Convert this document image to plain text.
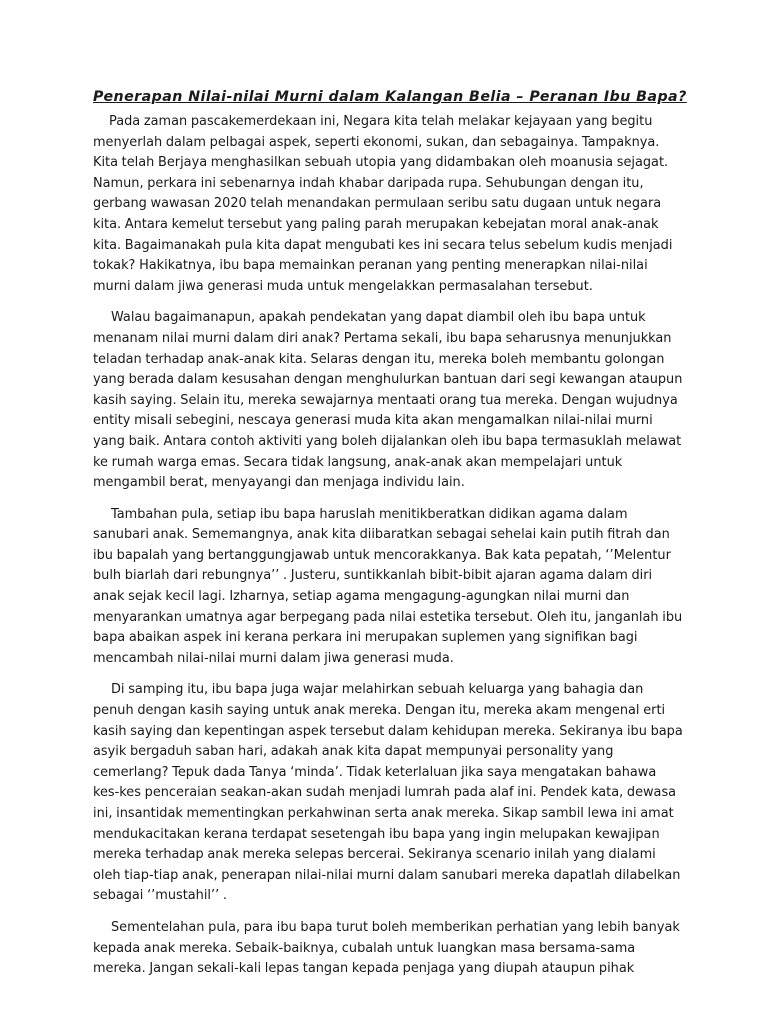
Penerapan Nilai-nilai Murni dalam Kalangan Belia – Peranan Ibu Bapa?

Pada zaman pascakemerdekaan ini, Negara kita telah melakar kejayaan yang begitu menyerlah dalam pelbagai aspek, seperti ekonomi, sukan, dan sebagainya. Tampaknya. Kita telah Berjaya menghasilkan sebuah utopia yang didambakan oleh moanusia sejagat. Namun, perkara ini sebenarnya indah khabar daripada rupa. Sehubungan dengan itu, gerbang wawasan 2020 telah menandakan permulaan seribu satu dugaan untuk negara kita. Antara kemelut tersebut yang paling parah merupakan kebejatan moral anak-anak kita. Bagaimanakah pula kita dapat mengubati kes ini secara telus sebelum kudis menjadi tokak? Hakikatnya, ibu bapa memainkan peranan yang penting menerapkan nilai-nilai murni dalam jiwa generasi muda untuk mengelakkan permasalahan tersebut.

Walau bagaimanapun, apakah pendekatan yang dapat diambil oleh ibu bapa untuk menanam nilai murni dalam diri anak? Pertama sekali, ibu bapa seharusnya menunjukkan teladan terhadap anak-anak kita. Selaras dengan itu, mereka boleh membantu golongan yang berada dalam kesusahan dengan menghulurkan bantuan dari segi kewangan ataupun kasih saying. Selain itu, mereka sewajarnya mentaati orang tua mereka. Dengan wujudnya entity misali sebegini, nescaya generasi muda kita akan mengamalkan nilai-nilai murni yang baik. Antara contoh aktiviti yang boleh dijalankan oleh ibu bapa termasuklah melawat ke rumah warga emas. Secara tidak langsung, anak-anak akan mempelajari untuk mengambil berat, menyayangi dan menjaga individu lain.

Tambahan pula, setiap ibu bapa haruslah menitikberatkan didikan agama dalam sanubari anak. Sememangnya, anak kita diibaratkan sebagai sehelai kain putih fitrah dan ibu bapalah yang bertanggungjawab untuk mencorakkanya. Bak kata pepatah, ‘’Melentur bulh biarlah dari rebungnya’’ . Justeru, suntikkanlah bibit-bibit ajaran agama dalam diri anak sejak kecil lagi. Izharnya, setiap agama mengagung-agungkan nilai murni dan menyarankan umatnya agar berpegang pada nilai estetika tersebut. Oleh itu, janganlah ibu bapa abaikan aspek ini kerana perkara ini merupakan suplemen yang signifikan bagi mencambah nilai-nilai murni dalam jiwa generasi muda.

Di samping itu, ibu bapa juga wajar melahirkan sebuah keluarga yang bahagia dan penuh dengan kasih saying untuk anak mereka. Dengan itu, mereka akam mengenal erti kasih saying dan kepentingan aspek tersebut dalam kehidupan mereka. Sekiranya ibu bapa asyik bergaduh saban hari, adakah anak kita dapat mempunyai personality yang cemerlang? Tepuk dada Tanya ‘minda’. Tidak keterlaluan jika saya mengatakan bahawa kes-kes penceraian seakan-akan sudah menjadi lumrah pada alaf ini. Pendek kata, dewasa ini, insantidak mementingkan perkahwinan serta anak mereka. Sikap sambil lewa ini amat mendukacitakan kerana terdapat sesetengah ibu bapa yang ingin melupakan kewajipan mereka terhadap anak mereka selepas bercerai. Sekiranya scenario inilah yang dialami oleh tiap-tiap anak, penerapan nilai-nilai murni dalam sanubari mereka dapatlah dilabelkan sebagai ‘’mustahil’’ .

Sementelahan pula, para ibu bapa turut boleh memberikan perhatian yang lebih banyak kepada anak mereka. Sebaik-baiknya, cubalah untuk luangkan masa bersama-sama mereka. Jangan sekali-kali lepas tangan kepada penjaga yang diupah ataupun pihak
